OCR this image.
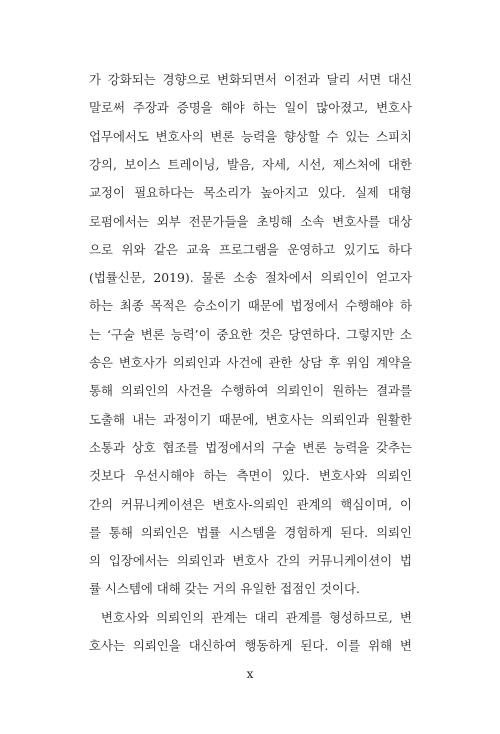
가 강화되는 경향으로 변화되면서 이전과 달리 서면 대신
말로써 주장과 증명을 해야 하는 일이 많아졌고, 변호사
업무에서도 변호사의 변론 능력을 향상할 수 있는 스피치
강의, 보이스 트레이닝, 발음, 자세, 시선, 제스처에 대한
교정이 필요하다는 목소리가 높아지고 있다. 실제 대형
로펌에서는 외부 전문가들을 초빙해 소속 변호사를 대상
으로 위와 같은 교육 프로그램을 운영하고 있기도 하다
(법률신문, 2019). 물론 소송 절차에서 의뢰인이 얻고자
하는 최종 목적은 승소이기 때문에 법정에서 수행해야 하
는 ‘구술 변론 능력’이 중요한 것은 당연하다. 그렇지만 소
송은 변호사가 의뢰인과 사건에 관한 상담 후 위임 계약을
통해 의뢰인의 사건을 수행하여 의뢰인이 원하는 결과를
도출해 내는 과정이기 때문에, 변호사는 의뢰인과 원활한
소통과 상호 협조를 법정에서의 구술 변론 능력을 갖추는
것보다 우선시해야 하는 측면이 있다. 변호사와 의뢰인
간의 커뮤니케이션은 변호사-의뢰인 관계의 핵심이며, 이
를 통해 의뢰인은 법률 시스템을 경험하게 된다. 의뢰인
의 입장에서는 의뢰인과 변호사 간의 커뮤니케이션이 법
률 시스템에 대해 갖는 거의 유일한 접점인 것이다.
변호사와 의뢰인의 관계는 대리 관계를 형성하므로, 변
호사는 의뢰인을 대신하여 행동하게 된다. 이를 위해 변
x
